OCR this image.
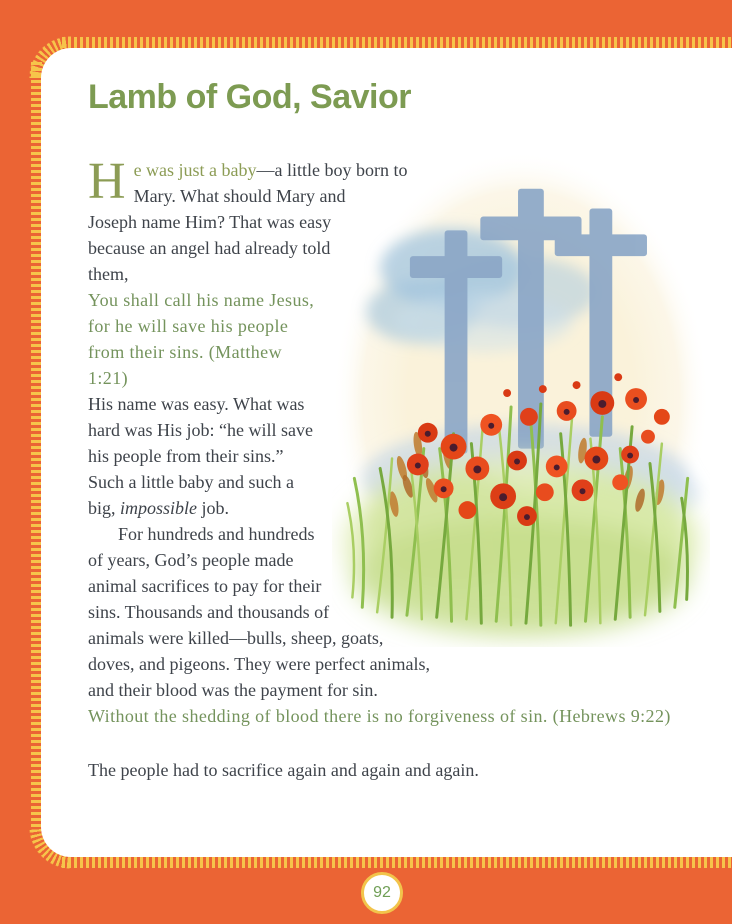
Lamb of God, Savior

He was just a baby—a little boy born to Mary. What should Mary and Joseph name Him? That was easy because an angel had already told them,

You shall call his name Jesus, for he will save his people from their sins. (Matthew 1:21)

His name was easy. What was hard was His job: “he will save his people from their sins.” Such a little baby and such a big, impossible job.

For hundreds and hundreds of years, God’s people made animal sacrifices to pay for their sins. Thousands and thousands of animals were killed—bulls, sheep, goats, doves, and pigeons. They were perfect animals, and their blood was the payment for sin.

Without the shedding of blood there is no forgiveness of sin. (Hebrews 9:22)

The people had to sacrifice again and again and again.

92
